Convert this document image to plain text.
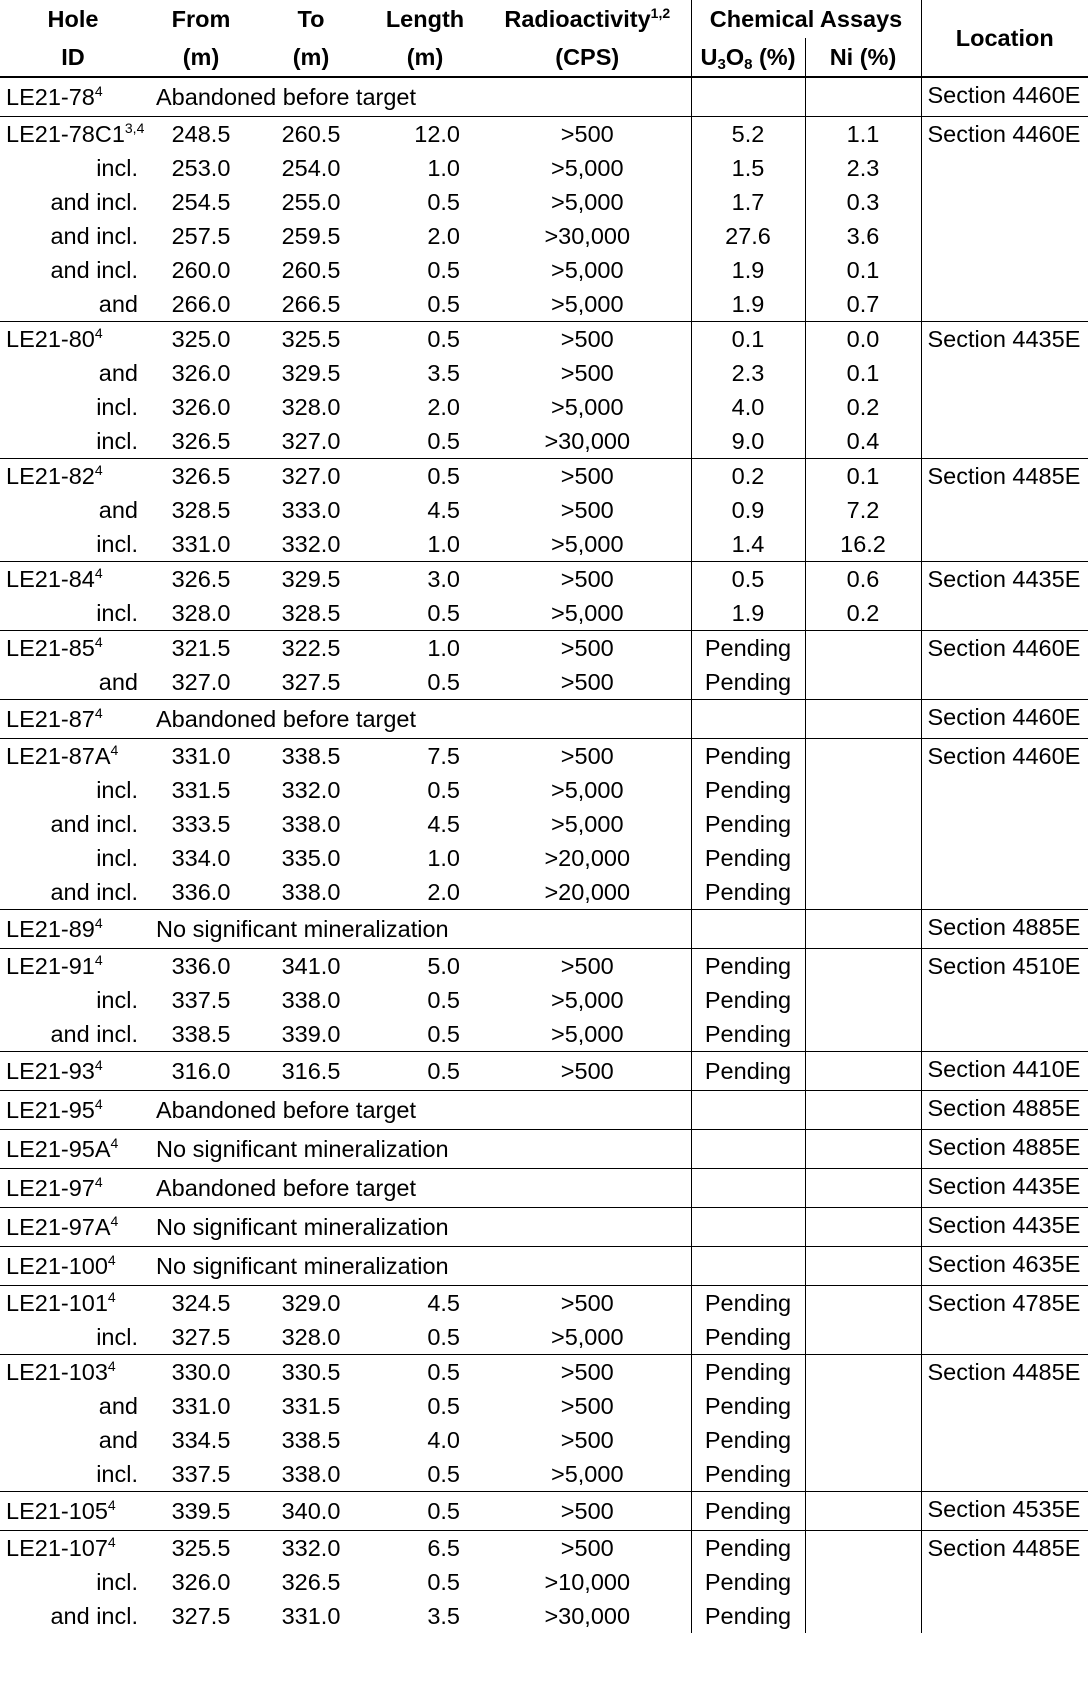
Hole	From	To	Length	Radioactivity$^{1,2}$	Chemical Assays		Location
ID	(m)	(m)	(m)	(CPS)	$U_3O_8$ (%)	Ni (%)	
$LE21-78^4$	Abandoned before target						Section 4460E
LE21-78C1$^{3,4}$	248.5	260.5	12.0	>500	5.2	1.1	Section 4460E
incl.	253.0	254.0	1.0	>5,000	1.5	2.3	
and incl.	254.5	255.0	0.5	>5,000	1.7	0.3	
and incl.	257.5	259.5	2.0	>30,000	27.6	3.6	
and incl.	260.0	260.5	0.5	>5,000	1.9	0.1	
and	266.0	266.5	0.5	>5,000	1.9	0.7	
$LE21-80^4$	325.0	325.5	0.5	>500	0.1	0.0	Section 4435E
and	326.0	329.5	3.5	>500	2.3	0.1	
incl.	326.0	328.0	2.0	>5,000	4.0	0.2	
incl.	326.5	327.0	0.5	>30,000	9.0	0.4	
$LE21-82^4$	326.5	327.0	0.5	>500	0.2	0.1	Section 4485E
and	328.5	333.0	4.5	>500	0.9	7.2	
incl.	331.0	332.0	1.0	>5,000	1.4	16.2	
$LE21-84^4$	326.5	329.5	3.0	>500	0.5	0.6	Section 4435E
incl.	328.0	328.5	0.5	>5,000	1.9	0.2	
$LE21-85^4$	321.5	322.5	1.0	>500	Pending		Section 4460E
and	327.0	327.5	0.5	>500	Pending		
$LE21-87^4$	Abandoned before target						Section 4460E
$LE21-87A^4$	331.0	338.5	7.5	>500	Pending		Section 4460E
incl.	331.5	332.0	0.5	>5,000	Pending		
and incl.	333.5	338.0	4.5	>5,000	Pending		
incl.	334.0	335.0	1.0	>20,000	Pending		
and incl.	336.0	338.0	2.0	>20,000	Pending		
$LE21-89^4$	No significant mineralization						Section 4885E
$LE21-91^4$	336.0	341.0	5.0	>500	Pending		Section 4510E
incl.	337.5	338.0	0.5	>5,000	Pending		
and incl.	338.5	339.0	0.5	>5,000	Pending		
$LE21-93^4$	316.0	316.5	0.5	>500	Pending		Section 4410E
$LE21-95^4$	Abandoned before target						Section 4885E
$LE21-95A^4$	No significant mineralization						Section 4885E
$LE21-97^4$	Abandoned before target						Section 4435E
$LE21-97A^4$	No significant mineralization						Section 4435E
$LE21-100^4$	No significant mineralization						Section 4635E
$LE21-101^4$	324.5	329.0	4.5	>500	Pending		Section 4785E
incl.	327.5	328.0	0.5	>5,000	Pending		
$LE21-103^4$	330.0	330.5	0.5	>500	Pending		Section 4485E
and	331.0	331.5	0.5	>500	Pending		
and	334.5	338.5	4.0	>500	Pending		
incl.	337.5	338.0	0.5	>5,000	Pending		
$LE21-105^4$	339.5	340.0	0.5	>500	Pending		Section 4535E
$LE21-107^4$	325.5	332.0	6.5	>500	Pending		Section 4485E
incl.	326.0	326.5	0.5	>10,000	Pending		
and incl.	327.5	331.0	3.5	>30,000	Pending		
